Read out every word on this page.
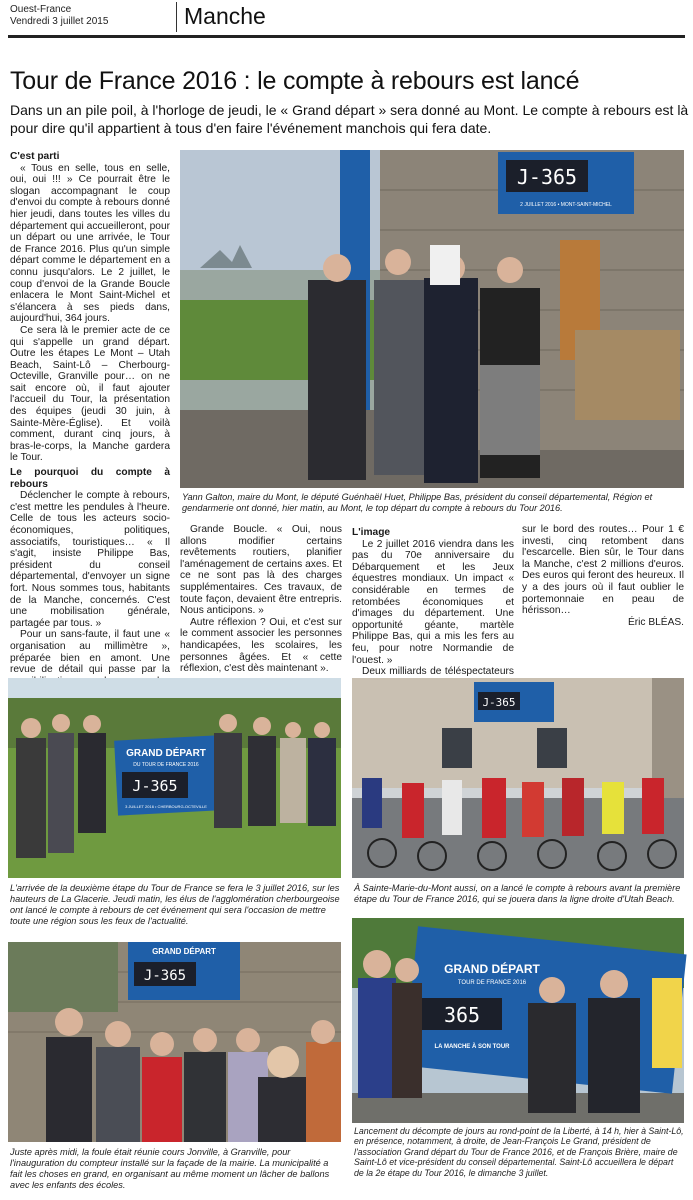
Ouest-France
Vendredi 3 juillet 2015	Manche
Tour de France 2016 : le compte à rebours est lancé
Dans un an pile poil, à l'horloge de jeudi, le « Grand départ » sera donné au Mont. Le compte à rebours est là pour dire qu'il appartient à tous d'en faire l'événement manchois qui fera date.

C'est parti

« Tous en selle, tous en selle, oui, oui !!! » Ce pourrait être le slogan accompagnant le coup d'envoi du compte à rebours donné hier jeudi, dans toutes les villes du département qui accueilleront, pour un départ ou une arrivée, le Tour de France 2016. Plus qu'un simple départ comme le département en a connu jusqu'alors. Le 2 juillet, le coup d'envoi de la Grande Boucle enlacera le Mont Saint-Michel et s'élancera à ses pieds dans, aujourd'hui, 364 jours.

Ce sera là le premier acte de ce qui s'appelle un grand départ. Outre les étapes Le Mont – Utah Beach, Saint-Lô – Cherbourg-Octeville, Granville pour… on ne sait encore où, il faut ajouter l'accueil du Tour, la présentation des équipes (jeudi 30 juin, à Sainte-Mère-Église). Et voilà comment, durant cinq jours, à bras-le-corps, la Manche gardera le Tour.

Le pourquoi du compte à rebours

Déclencher le compte à rebours, c'est mettre les pendules à l'heure. Celle de tous les acteurs socio-économiques, politiques, associatifs, touristiques… « Il s'agit, insiste Philippe Bas, président du conseil départemental, d'envoyer un signe fort. Nous sommes tous, habitants de la Manche, concernés. C'est une mobilisation générale, partagée par tous. »

Pour un sans-faute, il faut une « organisation au millimètre », préparée bien en amont. Une revue de détail qui passe par la

J-365
2 JUILLET 2016 • MONT-SAINT-MICHEL
Yann Galton, maire du Mont, le député Guénhaël Huet, Philippe Bas, président du conseil départemental, Région et gendarmerie ont donné, hier matin, au Mont, le top départ du compte à rebours du Tour 2016.

Grande Boucle. « Oui, nous allons modifier certains revêtements routiers, planifier l'aménagement de certains axes. Et ce ne sont pas là des charges supplémentaires. Ces travaux, de toute façon, devaient être entrepris. Nous anticipons. »

Autre réflexion ? Oui, et c'est sur le comment associer les personnes handicapées, les scolaires, les personnes âgées. Et « cette réflexion, c'est dès maintenant ».

L'image

Le 2 juillet 2016 viendra dans les pas du 70e anniversaire du Débarquement et les Jeux équestres mondiaux. Un impact « considérable en termes de retombées économiques et d'images du département. Une opportunité géante, martèle Philippe Bas, qui a mis les fers au feu, pour notre Normandie de l'ouest. »

Deux milliards de téléspectateurs

sur le bord des routes… Pour 1 € investi, cinq retombent dans l'escarcelle. Bien sûr, le Tour dans la Manche, c'est 2 millions d'euros. Des euros qui feront des heureux. Il y a des jours où il faut oublier le portemonnaie en peau de hérisson…

Éric BLÉAS.

GRAND DÉPART
DU TOUR DE FRANCE 2016
J-365
3 JUILLET 2016 • CHERBOURG-OCTEVILLE
L'arrivée de la deuxième étape du Tour de France se fera le 3 juillet 2016, sur les hauteurs de La Glacerie. Jeudi matin, les élus de l'agglomération cherbourgeoise ont lancé le compte à rebours de cet événement qui sera l'occasion de mettre toute une région sous les feux de l'actualité.
J-365
À Sainte-Marie-du-Mont aussi, on a lancé le compte à rebours avant la première étape du Tour de France 2016, qui se jouera dans la ligne droite d'Utah Beach.
GRAND DÉPART
J-365
Juste après midi, la foule était réunie cours Jonville, à Granville, pour l'inauguration du compteur installé sur la façade de la mairie. La municipalité a fait les choses en grand, en organisant au même moment un lâcher de ballons avec les enfants des écoles.
GRAND DÉPART
TOUR DE FRANCE 2016
365
LA MANCHE À SON TOUR
Lancement du décompte de jours au rond-point de la Liberté, à 14 h, hier à Saint-Lô, en présence, notamment, à droite, de Jean-François Le Grand, président de l'association Grand départ du Tour de France 2016, et de François Brière, maire de Saint-Lô et vice-président du conseil départemental. Saint-Lô accueillera le départ de la 2e étape du Tour 2016, le dimanche 3 juillet.
